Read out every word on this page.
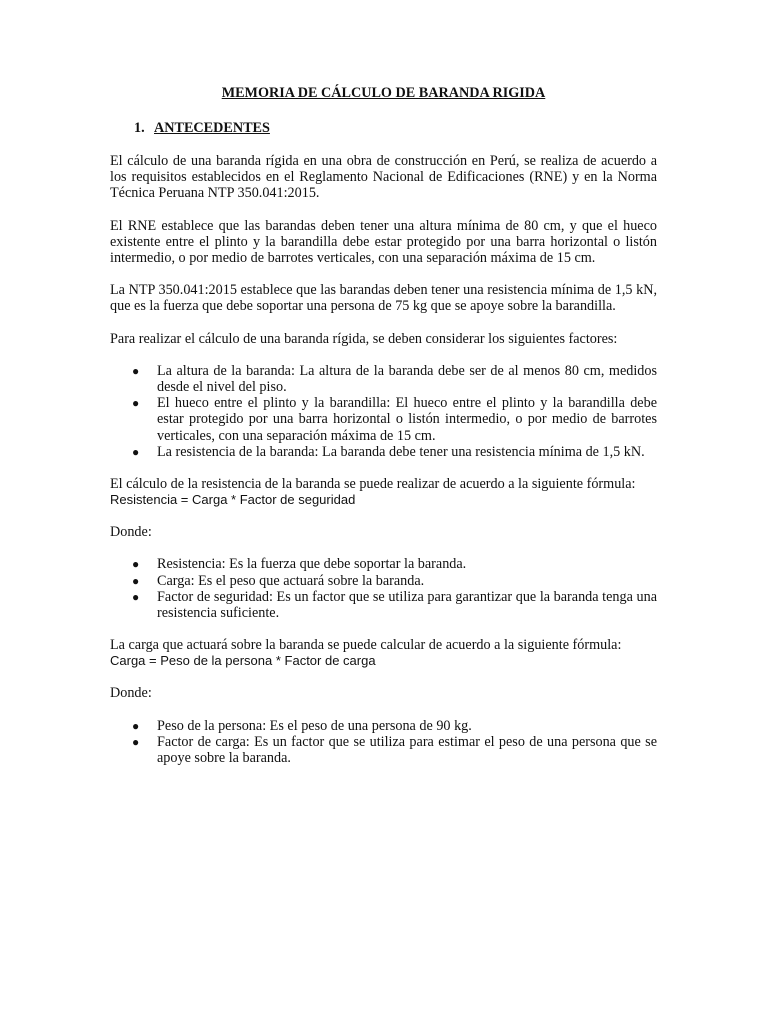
MEMORIA DE CÁLCULO DE BARANDA RIGIDA
1. ANTECEDENTES

El cálculo de una baranda rígida en una obra de construcción en Perú, se realiza de acuerdo a los requisitos establecidos en el Reglamento Nacional de Edificaciones (RNE) y en la Norma Técnica Peruana NTP 350.041:2015.

El RNE establece que las barandas deben tener una altura mínima de 80 cm, y que el hueco existente entre el plinto y la barandilla debe estar protegido por una barra horizontal o listón intermedio, o por medio de barrotes verticales, con una separación máxima de 15 cm.

La NTP 350.041:2015 establece que las barandas deben tener una resistencia mínima de 1,5 kN, que es la fuerza que debe soportar una persona de 75 kg que se apoye sobre la barandilla.

Para realizar el cálculo de una baranda rígida, se deben considerar los siguientes factores:

● La altura de la baranda: La altura de la baranda debe ser de al menos 80 cm, medidos desde el nivel del piso.
● El hueco entre el plinto y la barandilla: El hueco entre el plinto y la barandilla debe estar protegido por una barra horizontal o listón intermedio, o por medio de barrotes verticales, con una separación máxima de 15 cm.
● La resistencia de la baranda: La baranda debe tener una resistencia mínima de 1,5 kN.

El cálculo de la resistencia de la baranda se puede realizar de acuerdo a la siguiente fórmula:

Resistencia = Carga * Factor de seguridad

Donde:

● Resistencia: Es la fuerza que debe soportar la baranda.
● Carga: Es el peso que actuará sobre la baranda.
● Factor de seguridad: Es un factor que se utiliza para garantizar que la baranda tenga una resistencia suficiente.

La carga que actuará sobre la baranda se puede calcular de acuerdo a la siguiente fórmula:

Carga = Peso de la persona * Factor de carga

Donde:

● Peso de la persona: Es el peso de una persona de 90 kg.
● Factor de carga: Es un factor que se utiliza para estimar el peso de una persona que se apoye sobre la baranda.
